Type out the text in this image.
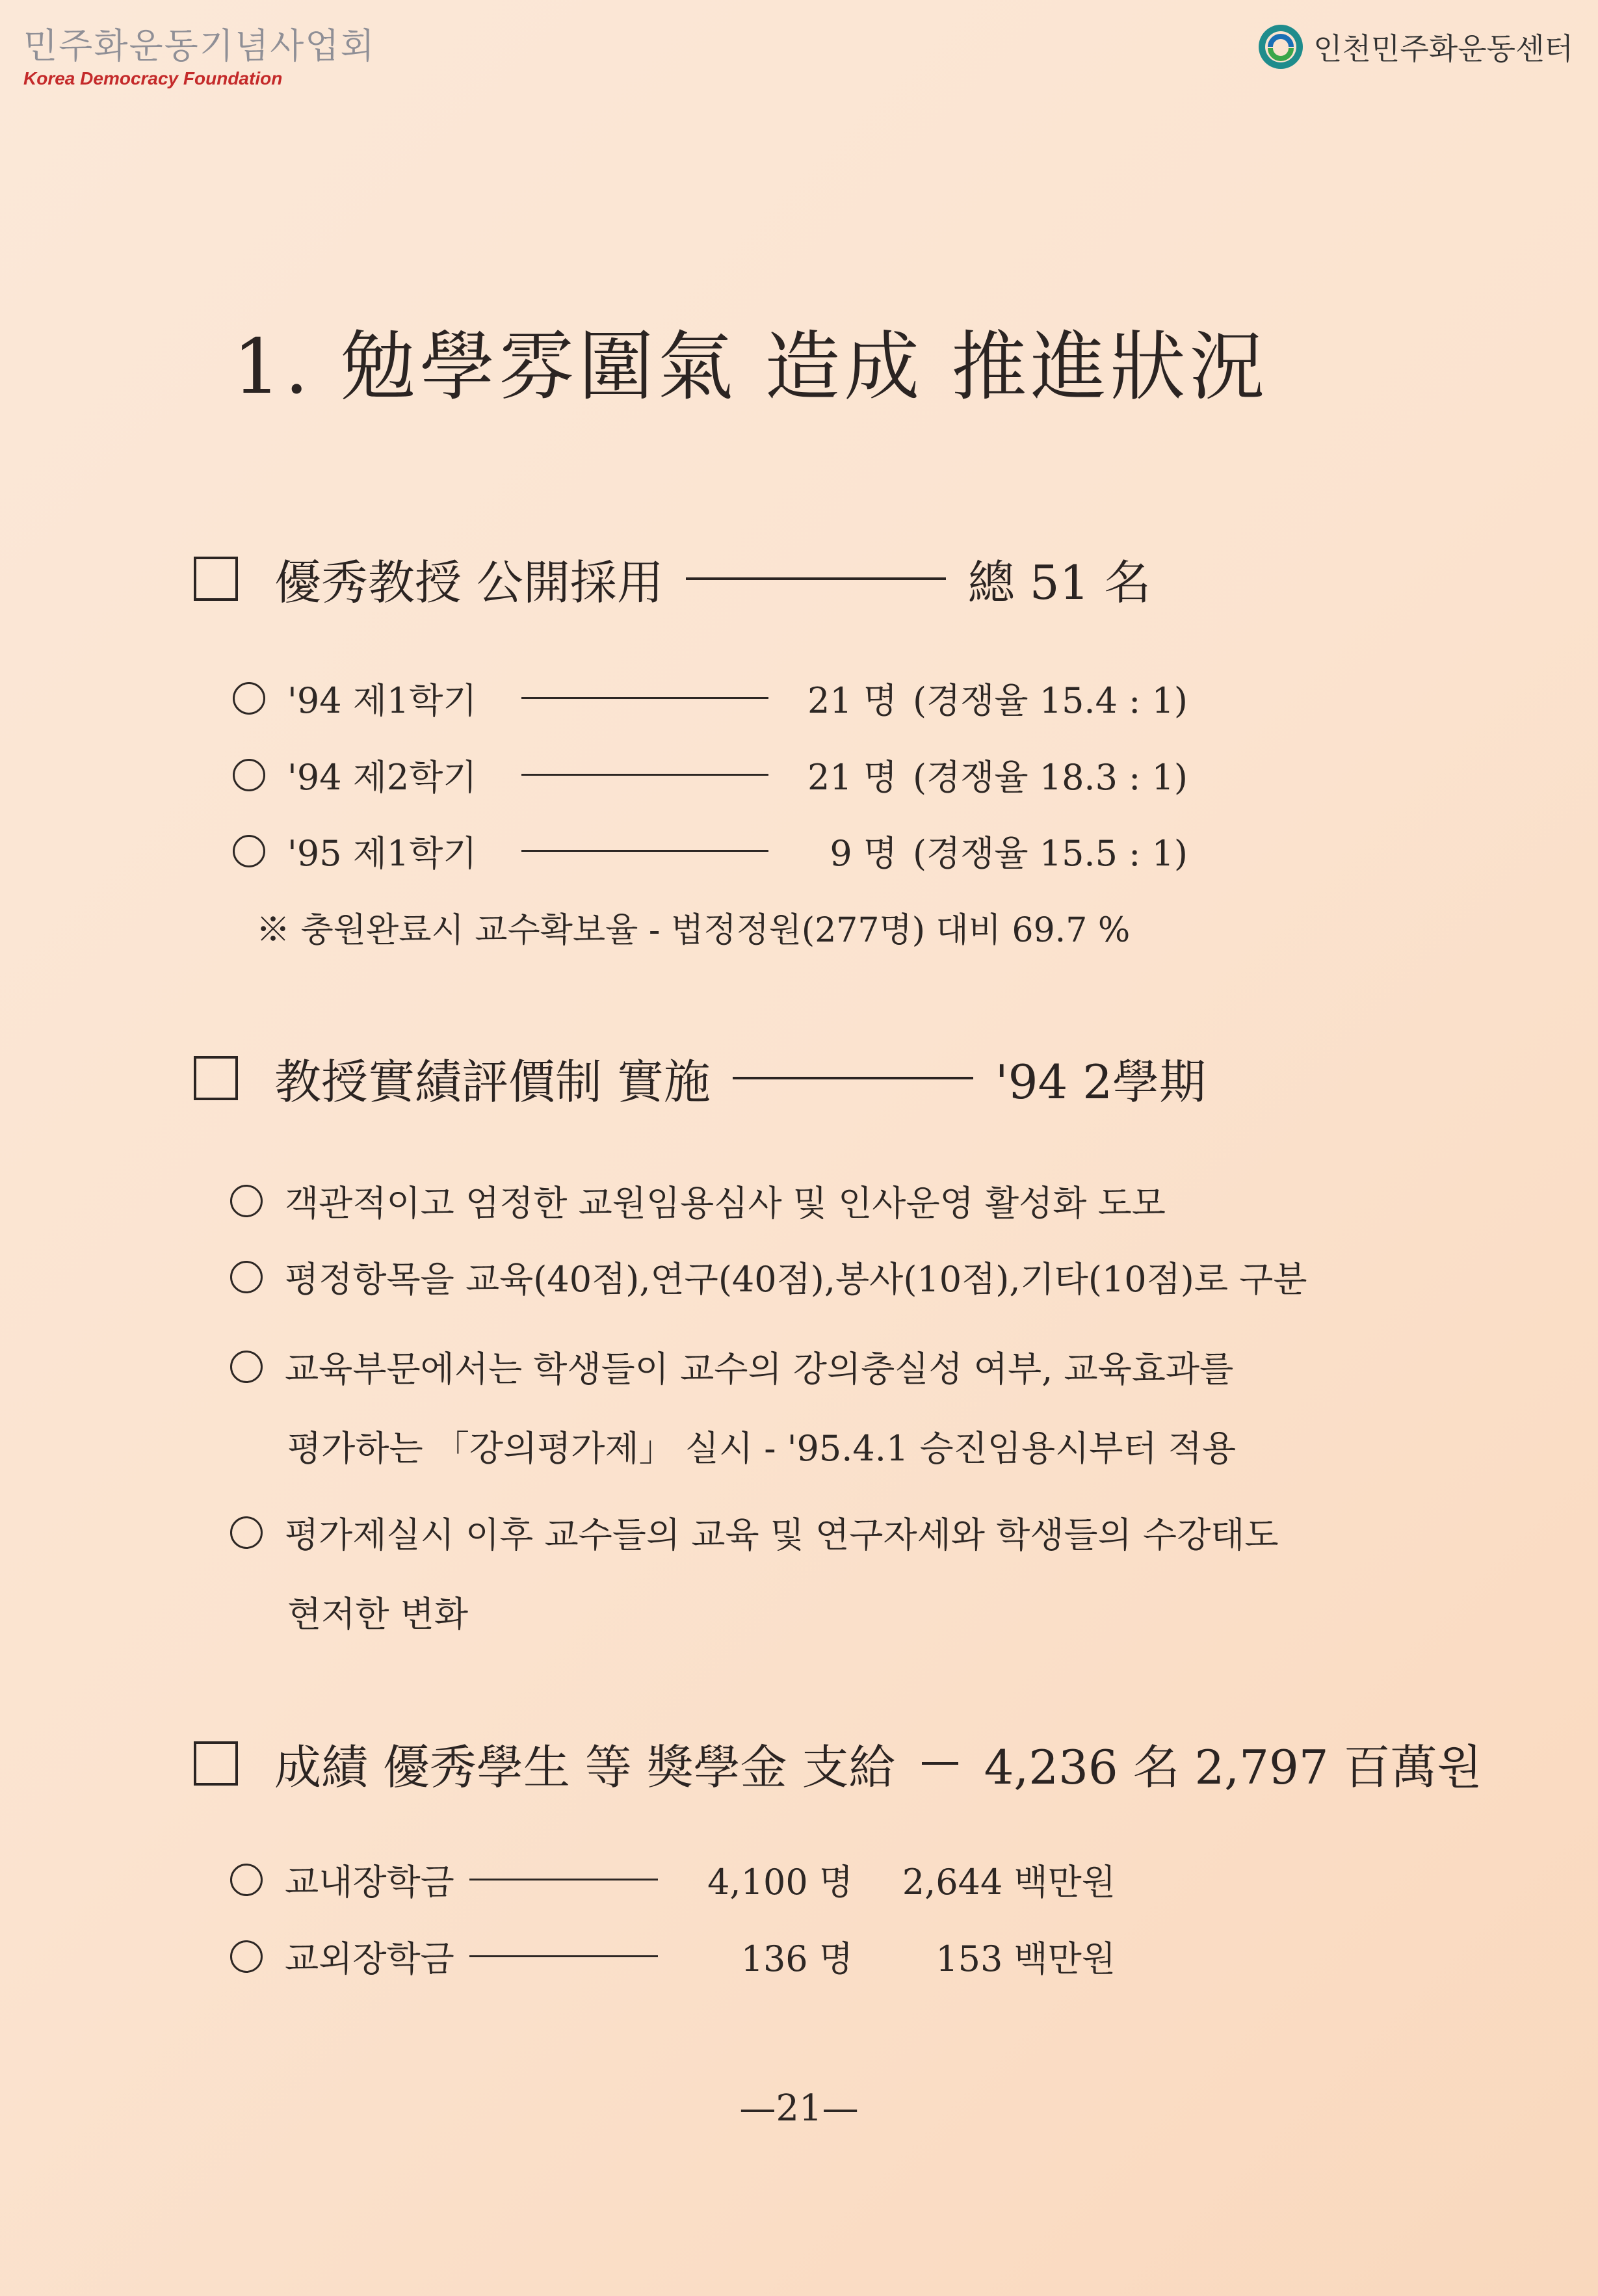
민주화운동기념사업회
Korea Democracy Foundation
인천민주화운동센터
1. 勉學雰圍氣 造成 推進狀況
優秀教授 公開採用	總 51 名
'94 제1학기	21 명 (경쟁율 15.4 : 1)
'94 제2학기	21 명 (경쟁율 18.3 : 1)
'95 제1학기	9 명 (경쟁율 15.5 : 1)
※ 충원완료시 교수확보율 - 법정정원(277명) 대비 69.7 %
教授實績評價制 實施	'94 2學期
객관적이고 엄정한 교원임용심사 및 인사운영 활성화 도모
평정항목을 교육(40점),연구(40점),봉사(10점),기타(10점)로 구분
교육부문에서는 학생들이 교수의 강의충실성 여부, 교육효과를
평가하는 「강의평가제」 실시 - '95.4.1 승진임용시부터 적용
평가제실시 이후 교수들의 교육 및 연구자세와 학생들의 수강태도
현저한 변화
成績 優秀學生 等 獎學金 支給 4,236 名 2,797 百萬원
교내장학금	4,100 명	2,644 백만원
교외장학금	136 명	153 백만원
—21—
